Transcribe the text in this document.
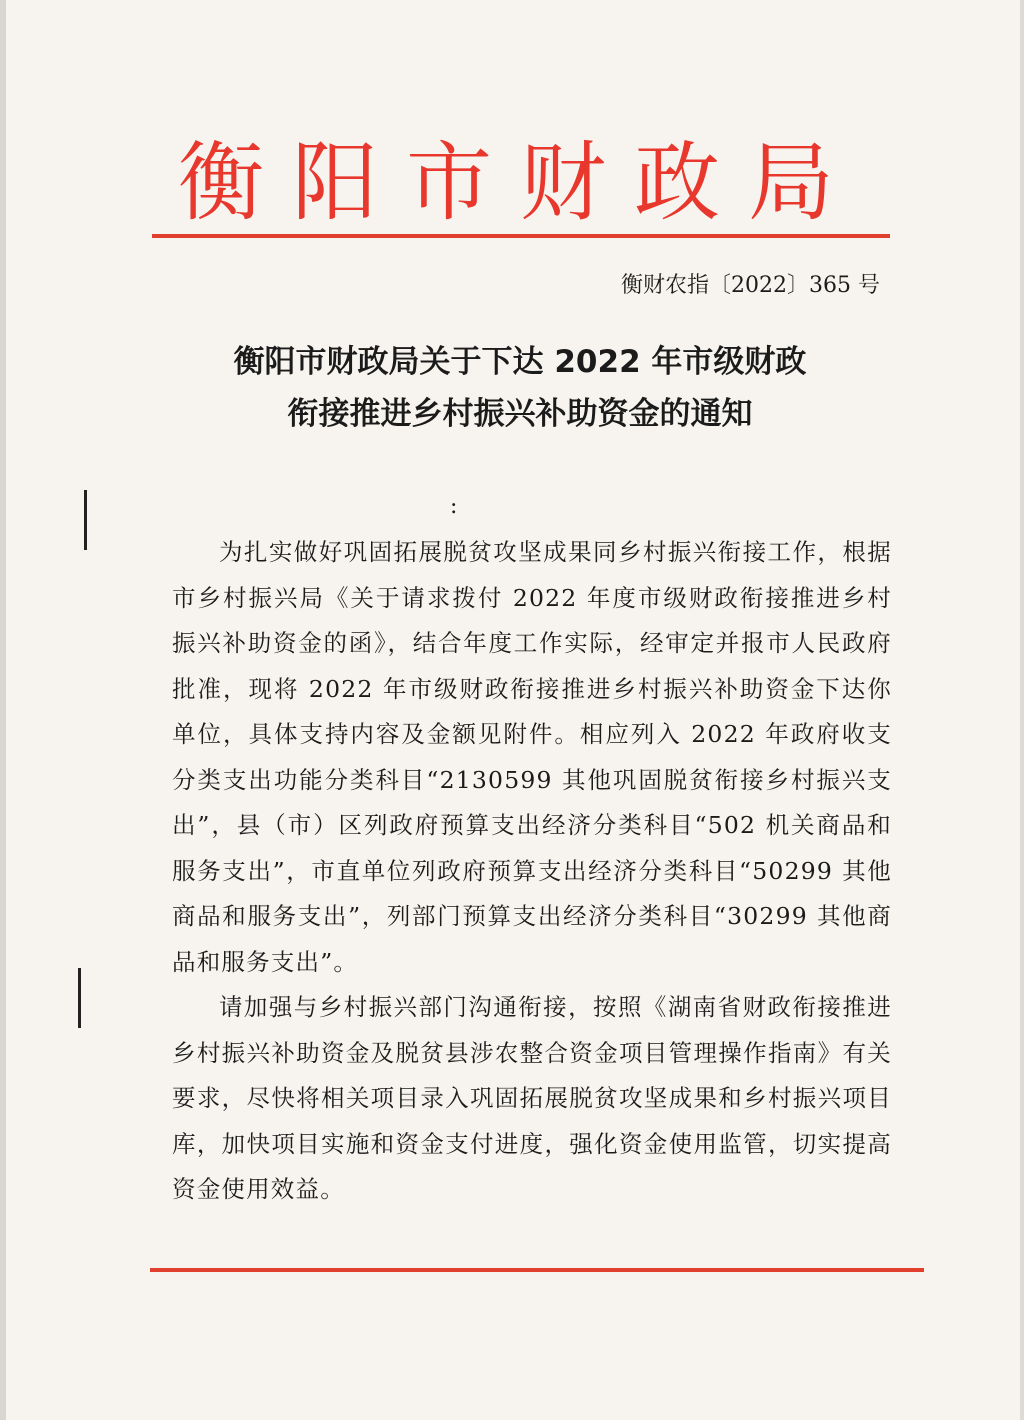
衡阳市财政局
衡财农指〔2022〕365 号
衡阳市财政局关于下达 2022 年市级财政
衔接推进乡村振兴补助资金的通知
:

为扎实做好巩固拓展脱贫攻坚成果同乡村振兴衔接工作，根据市乡村振兴局《关于请求拨付 2022 年度市级财政衔接推进乡村振兴补助资金的函》，结合年度工作实际，经审定并报市人民政府批准，现将 2022 年市级财政衔接推进乡村振兴补助资金下达你单位，具体支持内容及金额见附件。相应列入 2022 年政府收支分类支出功能分类科目“2130599 其他巩固脱贫衔接乡村振兴支出”，县（市）区列政府预算支出经济分类科目“502 机关商品和服务支出”，市直单位列政府预算支出经济分类科目“50299 其他商品和服务支出”，列部门预算支出经济分类科目“30299 其他商品和服务支出”。

请加强与乡村振兴部门沟通衔接，按照《湖南省财政衔接推进乡村振兴补助资金及脱贫县涉农整合资金项目管理操作指南》有关要求，尽快将相关项目录入巩固拓展脱贫攻坚成果和乡村振兴项目库，加快项目实施和资金支付进度，强化资金使用监管，切实提高资金使用效益。
